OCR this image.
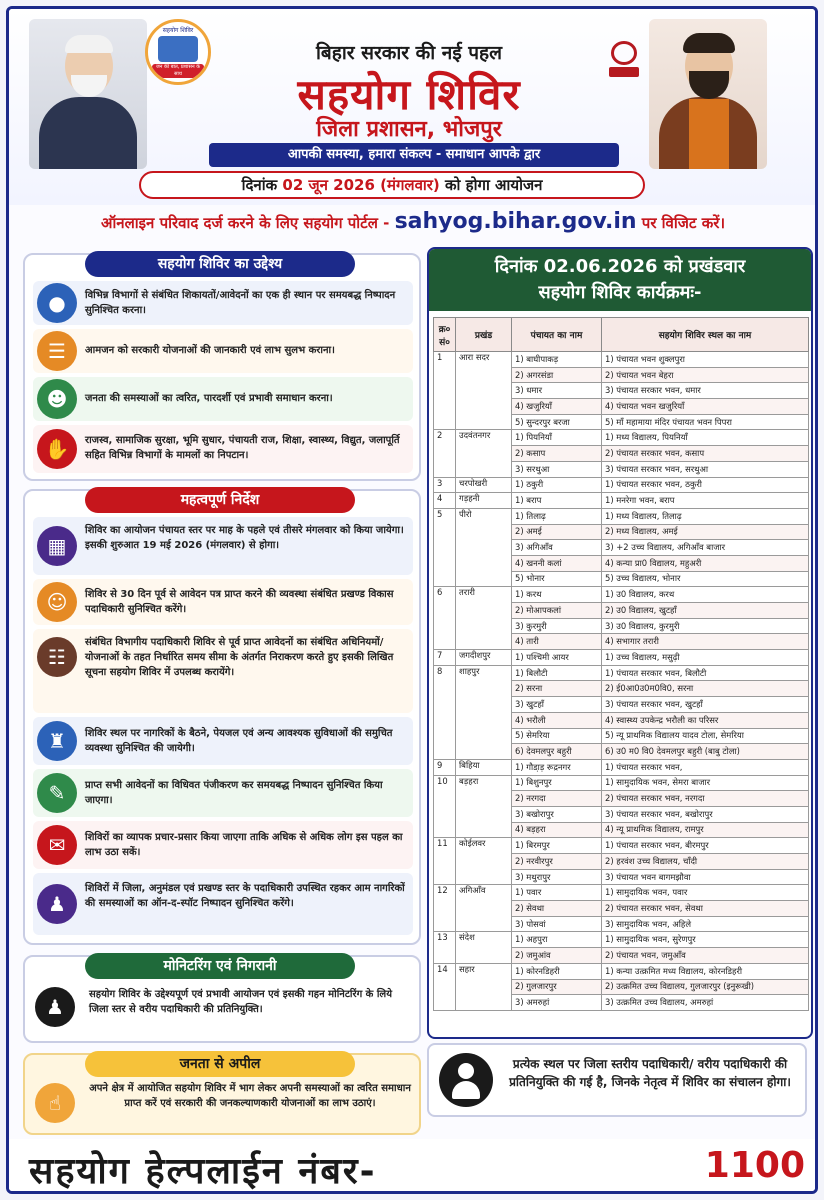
सहयोग शिविर
जन की बात, प्रशासन के साथ
बिहार सरकार की नई पहल
सहयोग शिविर
जिला प्रशासन, भोजपुर
आपकी समस्या, हमारा संकल्प - समाधान आपके द्वार
दिनांक 02 जून 2026 (मंगलवार) को होगा आयोजन
ऑनलाइन परिवाद दर्ज करने के लिए सहयोग पोर्टल - sahyog.bihar.gov.in पर विजिट करें।
सहयोग शिविर का उद्देश्य
●	विभिन्न विभागों से संबंधित शिकायतों/आवेदनों का एक ही स्थान पर समयबद्ध निष्पादन सुनिश्चित करना।
☰	आमजन को सरकारी योजनाओं की जानकारी एवं लाभ सुलभ कराना।
☻	जनता की समस्याओं का त्वरित, पारदर्शी एवं प्रभावी समाधान करना।
✋	राजस्व, सामाजिक सुरक्षा, भूमि सुधार, पंचायती राज, शिक्षा, स्वास्थ्य, विद्युत, जलापूर्ति सहित विभिन्न विभागों के मामलों का निपटान।
महत्वपूर्ण निर्देश
▦
शिविर का आयोजन पंचायत स्तर पर माह के पहले एवं तीसरे मंगलवार को किया जायेगा। इसकी शुरुआत 19 मई 2026 (मंगलवार) से होगा।
☺	शिविर से 30 दिन पूर्व से आवेदन पत्र प्राप्त करने की व्यवस्था संबंधित प्रखण्ड विकास पदाधिकारी सुनिश्चित करेंगे।
☷
संबंधित विभागीय पदाधिकारी शिविर से पूर्व प्राप्त आवेदनों का संबंधित अधिनियमों/योजनाओं के तहत निर्धारित समय सीमा के अंतर्गत निराकरण करते हुए इसकी लिखित सूचना सहयोग शिविर में उपलब्ध करायेंगे।
♜	शिविर स्थल पर नागरिकों के बैठने, पेयजल एवं अन्य आवश्यक सुविधाओं की समुचित व्यवस्था सुनिश्चित की जायेगी।
✎	प्राप्त सभी आवेदनों का विधिवत पंजीकरण कर समयबद्ध निष्पादन सुनिश्चित किया जाएगा।
✉	शिविरों का व्यापक प्रचार-प्रसार किया जाएगा ताकि अधिक से अधिक लोग इस पहल का लाभ उठा सकें।
♟
शिविरों में जिला, अनुमंडल एवं प्रखण्ड स्तर के पदाधिकारी उपस्थित रहकर आम नागरिकों की समस्याओं का ऑन-द-स्पॉट निष्पादन सुनिश्चित करेंगे।
मोनिटरिंग एवं निगरानी
♟
सहयोग शिविर के उद्देश्यपूर्ण एवं प्रभावी आयोजन एवं इसकी गहन मोनिटरिंग के लिये जिला स्तर से वरीय पदाधिकारी की प्रतिनियुक्ति।
जनता से अपील
☝
अपने क्षेत्र में आयोजित सहयोग शिविर में भाग लेकर अपनी समस्याओं का त्वरित समाधान प्राप्त करें एवं सरकारी की जनकल्याणकारी योजनाओं का लाभ उठाएं।
दिनांक 02.06.2026 को प्रखंडवार
सहयोग शिविर कार्यक्रमः-
क्र० सं०	प्रखंड	पंचायत का नाम	सहयोग शिविर स्थल का नाम
1	आरा सदर	1) बाघीपाकड़	1) पंचायत भवन शुक्लपुरा
		2) अगरसंडा	2) पंचायत भवन बेहरा
		3) धमार	3) पंचायत सरकार भवन, धमार
		4) खजुरियाँ	4) पंचायत भवन खजुरियाँ
		5) सुन्दरपुर बरजा	5) माँ महामाया मंदिर पंचायत भवन पिपरा
2	उदवंतनगर	1) पियनियाँ	1) मध्य विद्यालय, पियनियाँ
		2) कसाप	2) पंचायत सरकार भवन, कसाप
		3) सरथुआ	3) पंचायत सरकार भवन, सरथुआ
3	चरपोखरी	1) ठकुरी	1) पंचायत सरकार भवन, ठकुरी
4	गड़हनी	1) बराप	1) मनरेगा भवन, बराप
5	पीरो	1) तिलाढ़	1) मध्य विद्यालय, तिलाढ़
		2) अमई	2) मध्य विद्यालय, अमई
		3) अगिआँव	3) +2 उच्च विद्यालय, अगिआँव बाजार
		4) खननी कलां	4) कन्या प्रा0 विद्यालय, महुअरी
		5) भोनार	5) उच्च विद्यालय, भोनार
6	तरारी	1) करथ	1) उ0 विद्यालय, करथ
		2) मोआपकलां	2) उ0 विद्यालय, खुटहाँ
		3) कुरमुरी	3) उ0 विद्यालय, कुरमुरी
		4) तारी	4) सभागार तरारी
7	जगदीशपुर	1) पश्चिमी आयर	1) उच्च विद्यालय, मसुढ़ी
8	शाहपुर	1) बिलौटी	1) पंचायत सरकार भवन, बिलौटी
		2) सरना	2) ई0आ0उ0म0वि0, सरना
		3) खुटहाँ	3) पंचायत सरकार भवन, खुटहाँ
		4) भरौली	4) स्वास्थ्य उपकेन्द्र भरौली का परिसर
		5) सेमरिया	5) न्यू प्राथमिक विद्यालय यादव टोला, सेमरिया
		6) देवमलपुर बहुरी	6) उ0 म0 वि0 देवमलपुर बहुरी (बाबु टोला)
9	बिहिया	1) गौडा़ड़ रूद्रनगर	1) पंचायत सरकार भवन,
10	बड़हरा	1) बिशुनपुर	1) सामुदायिक भवन, सेमरा बाजार
		2) नरगदा	2) पंचायत सरकार भवन, नरगदा
		3) बखोरापुर	3) पंचायत सरकार भवन, बखोरापुर
		4) बड़हरा	4) न्यू प्राथमिक विद्यालय, रामपुर
11	कोईलवर	1) बिरमपुर	1) पंचायत सरकार भवन, बीरमपुर
		2) नरवीरपुर	2) हरवंश उच्च विद्यालय, चाँदी
		3) मथुरापुर	3) पंचायत भवन बागमझौवा
12	अगिआँव	1) पवार	1) सामुदायिक भवन, पवार
		2) सेवथा	2) पंचायत सरकार भवन, सेवथा
		3) पोसवां	3) सामुदायिक भवन, अहिले
13	संदेश	1) अहपुरा	1) सामुदायिक भवन, सुरेणपुर
		2) जमुआंव	2) पंचायत भवन, जमुआँव
14	सहार	1) कोरनडिहरी	1) कन्या उत्क्रमित मध्य विद्यालय, कोरनडिहरी
		2) गुलजारपुर	2) उत्क्रमित उच्च विद्यालय, गुलजारपुर (इनुरूखी)
		3) अमरुहां	3) उत्क्रमित उच्च विद्यालय, अमरुहां
प्रत्येक स्थल पर जिला स्तरीय पदाधिकारी/ वरीय पदाधिकारी की प्रतिनियुक्ति की गई है, जिनके नेतृत्व में शिविर का संचालन होगा।
सहयोग हेल्पलाईन नंबर-	1100
